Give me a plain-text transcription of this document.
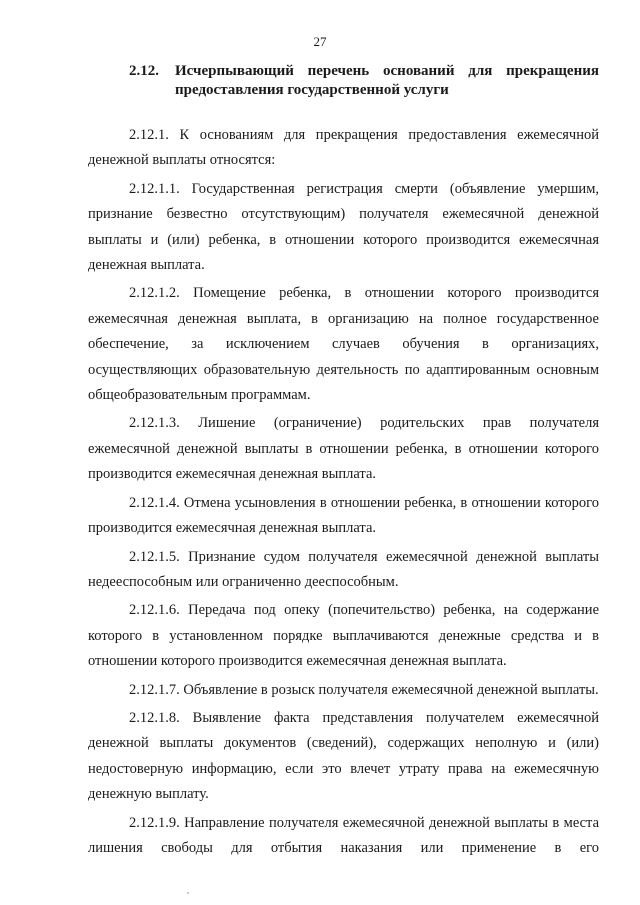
27
2.12.	Исчерпывающий перечень оснований для прекращения предоставления государственной услуги

2.12.1. К основаниям для прекращения предоставления ежемесячной денежной выплаты относятся:

2.12.1.1. Государственная регистрация смерти (объявление умершим, признание безвестно отсутствующим) получателя ежемесячной денежной выплаты и (или) ребенка, в отношении которого производится ежемесячная денежная выплата.

2.12.1.2. Помещение ребенка, в отношении которого производится ежемесячная денежная выплата, в организацию на полное государственное обеспечение, за исключением случаев обучения в организациях, осуществляющих образовательную деятельность по адаптированным основным общеобразовательным программам.

2.12.1.3. Лишение (ограничение) родительских прав получателя ежемесячной денежной выплаты в отношении ребенка, в отношении которого производится ежемесячная денежная выплата.

2.12.1.4. Отмена усыновления в отношении ребенка, в отношении которого производится ежемесячная денежная выплата.

2.12.1.5. Признание судом получателя ежемесячной денежной выплаты недееспособным или ограниченно дееспособным.

2.12.1.6. Передача под опеку (попечительство) ребенка, на содержание которого в установленном порядке выплачиваются денежные средства и в отношении которого производится ежемесячная денежная выплата.

2.12.1.7. Объявление в розыск получателя ежемесячной денежной выплаты.

2.12.1.8. Выявление факта представления получателем ежемесячной денежной выплаты документов (сведений), содержащих неполную и (или) недостоверную информацию, если это влечет утрату права на ежемесячную денежную выплату.

2.12.1.9. Направление получателя ежемесячной денежной выплаты в места лишения свободы для отбытия наказания или применение в его
